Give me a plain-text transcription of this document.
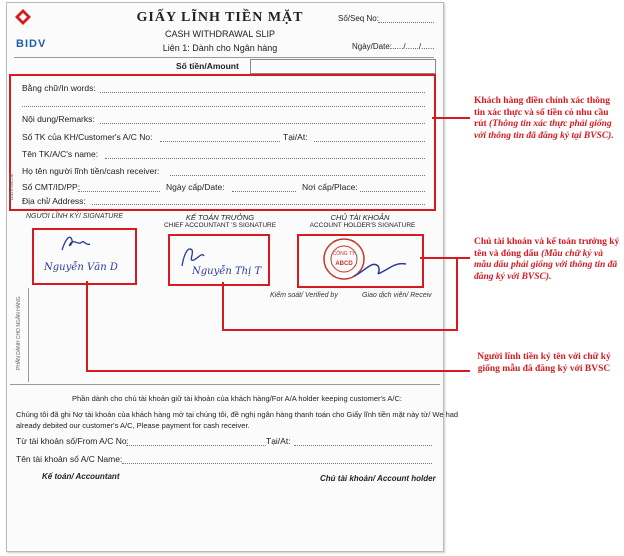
BIDV
GIẤY LĨNH TIỀN MẶT
CASH WITHDRAWAL SLIP
Liên 1: Dành cho Ngân hàng
Số/Seq No:
Ngày/Date:
....../....../......
Số tiền/Amount
Bằng chữ/In words:
Nội dung/Remarks:
Số TK của KH/Customer's A/C No:	Tại/At:
Tên TK/A/C's name:
Họ tên người lĩnh tiền/cash receiver:
Số CMT/ID/PP:	Ngày cấp/Date:	Nơi cấp/Place:
Địa chỉ/ Address:
BIDV/GLTM
NGƯỜI LĨNH KÝ/ SIGNATURE	KẾ TOÁN TRƯỞNG
CHIEF ACCOUNTANT 'S SIGNATURE
CHỦ TÀI KHOẢN
ACCOUNT HOLDER'S SIGNATURE
Nguyễn Văn D	Nguyễn Thị T
CÔNG TY
ABCD
Kiểm soát/ Verified by	Giao dịch viên/ Receiv
PHẦN DÀNH CHO NGÂN HÀNG
Phần dành cho chủ tài khoản giữ tài khoản của khách hàng/For A/A holder keeping customer's A/C:
Chúng tôi đã ghi Nợ tài khoản của khách hàng mở tại chúng tôi, đề nghị ngân hàng thanh toán cho Giấy lĩnh tiền mặt này từ/ We had
already debited our customer's A/C, Please payment for cash receiver.
Từ tài khoản số/From A/C No:	Tại/At:
Tên tài khoản số A/C Name:
Kế toán/ Accountant	Chủ tài khoản/ Account holder
Khách hàng điền chính xác thông tin xác thực và số tiền có nhu cầu rút (Thông tin xác thực phải giống với thông tin đã đăng ký tại BVSC).
Chủ tài khoản và kế toán trưởng ký tên và đóng dấu (Mẫu chữ ký và mẫu dấu phải giống với thông tin đã đăng ký với BVSC).
Người lĩnh tiền ký tên với chữ ký giống mẫu đã đăng ký với BVSC
